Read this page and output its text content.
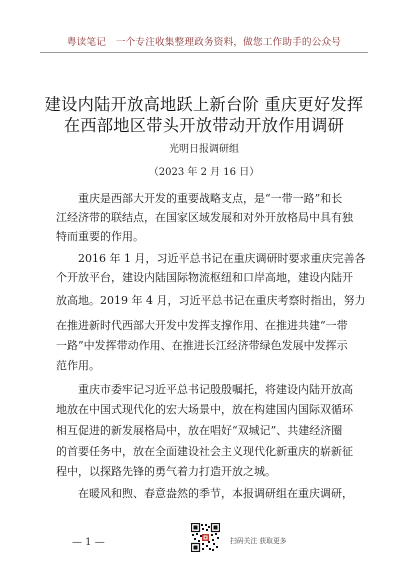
粤读笔记　一个专注收集整理政务资料，做您工作助手的公众号
建设内陆开放高地跃上新台阶 重庆更好发挥
在西部地区带头开放带动开放作用调研
光明日报调研组
（2023 年 2 月 16 日）
　　重庆是西部大开发的重要战略支点，是“一带一路”和长
江经济带的联结点，在国家区域发展和对外开放格局中具有独
特而重要的作用。
　　2016 年 1 月，习近平总书记在重庆调研时要求重庆完善各
个开放平台，建设内陆国际物流枢纽和口岸高地，建设内陆开
放高地。2019 年 4 月，习近平总书记在重庆考察时指出，努力
在推进新时代西部大开发中发挥支撑作用、在推进共建“一带
一路”中发挥带动作用、在推进长江经济带绿色发展中发挥示
范作用。
　　重庆市委牢记习近平总书记殷殷嘱托，将建设内陆开放高
地放在中国式现代化的宏大场景中，放在构建国内国际双循环
相互促进的新发展格局中，放在唱好“双城记”、共建经济圈
的首要任务中，放在全面建设社会主义现代化新重庆的崭新征
程中，以探路先锋的勇气着力打造开放之城。
　　在暖风和煦、春意盎然的季节，本报调研组在重庆调研，
— 1 —	扫码关注 获取更多
